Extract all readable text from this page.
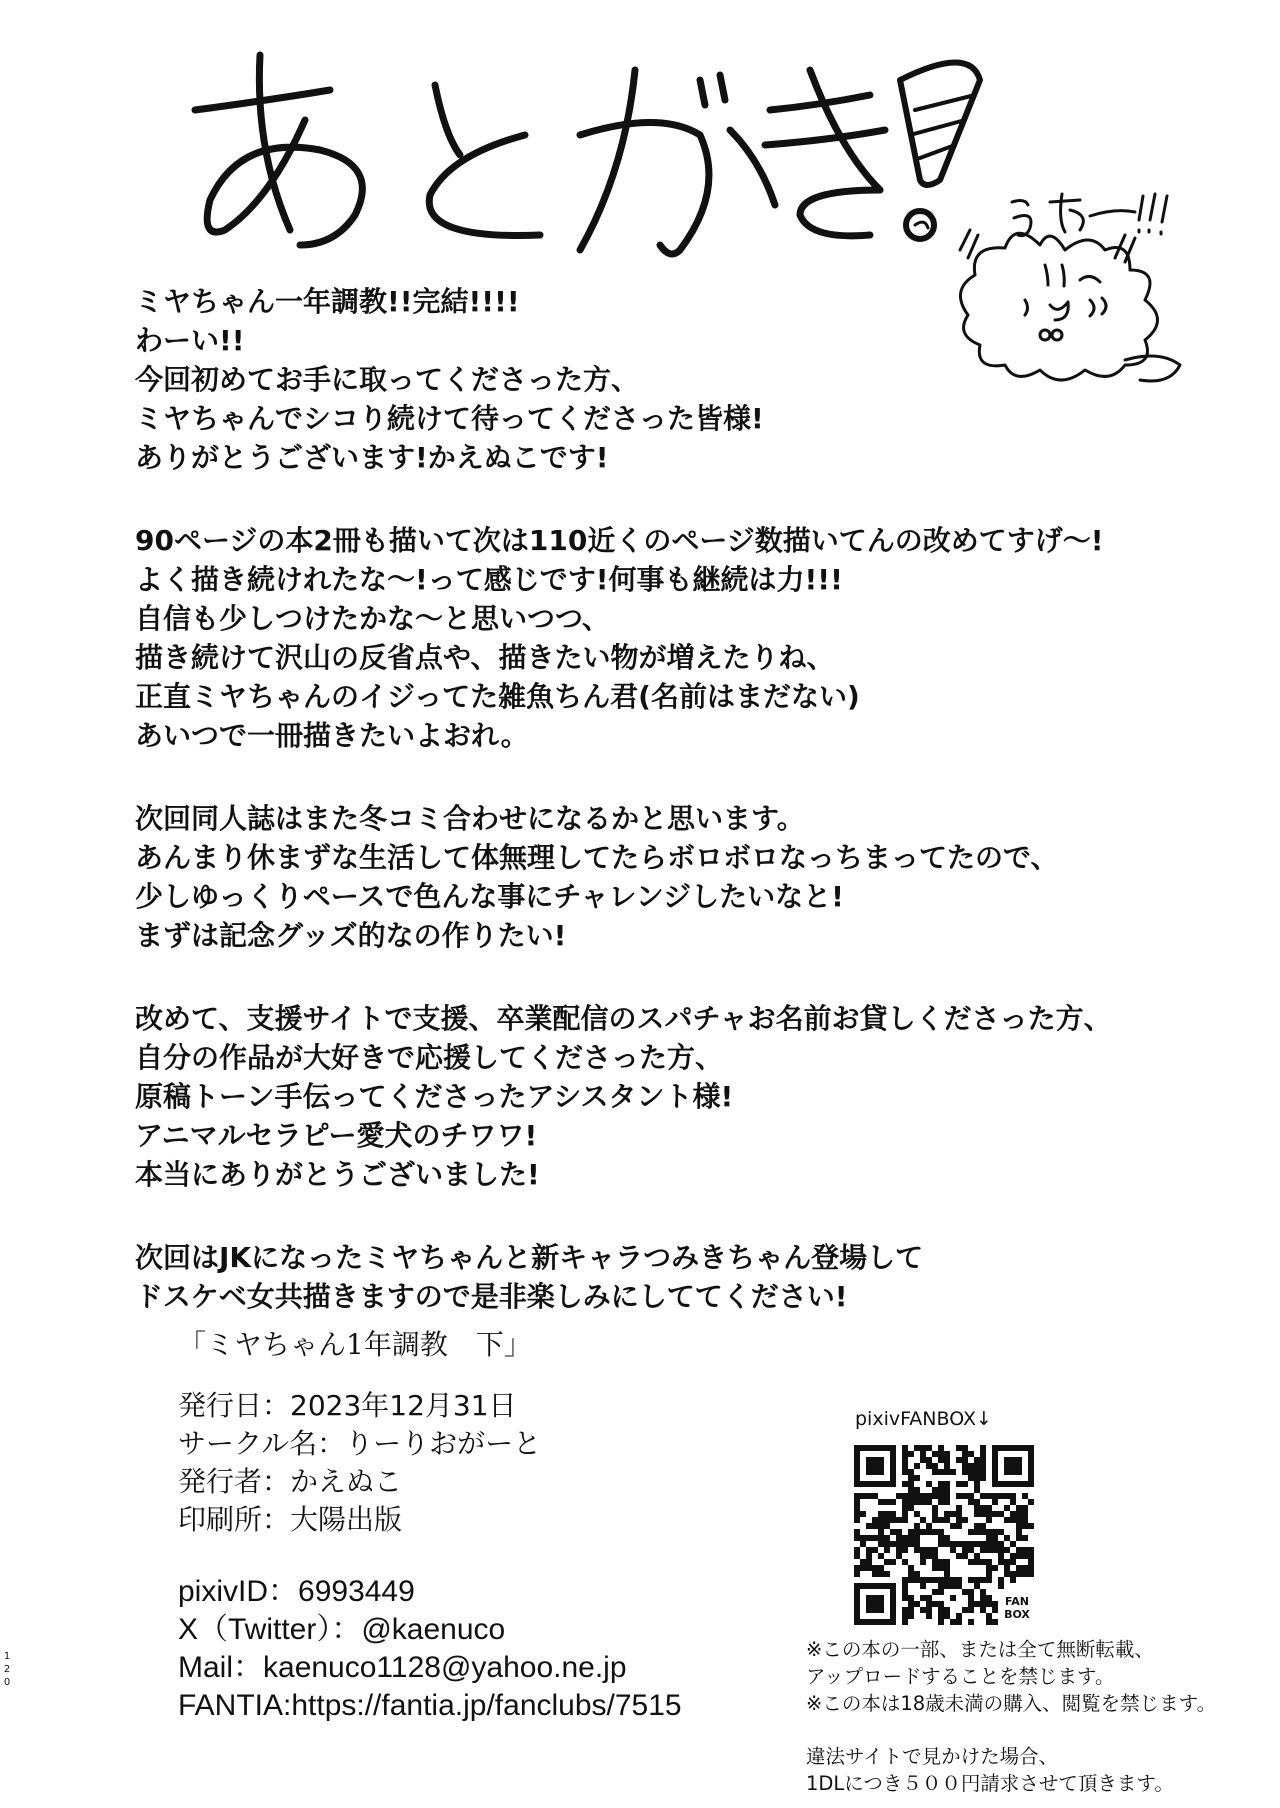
ミヤちゃん一年調教!!完結!!!!
わーい!!
今回初めてお手に取ってくださった方、
ミヤちゃんでシコり続けて待ってくださった皆様!
ありがとうございます!かえぬこです!
90ページの本2冊も描いて次は110近くのページ数描いてんの改めてすげ〜!
よく描き続けれたな〜!って感じです!何事も継続は力!!!
自信も少しつけたかな〜と思いつつ、
描き続けて沢山の反省点や、描きたい物が増えたりね、
正直ミヤちゃんのイジってた雑魚ちん君(名前はまだない)
あいつで一冊描きたいよおれ。
次回同人誌はまた冬コミ合わせになるかと思います。
あんまり休まずな生活して体無理してたらボロボロなっちまってたので、
少しゆっくりペースで色んな事にチャレンジしたいなと!
まずは記念グッズ的なの作りたい!
改めて、支援サイトで支援、卒業配信のスパチャお名前お貸しくださった方、
自分の作品が大好きで応援してくださった方、
原稿トーン手伝ってくださったアシスタント様!
アニマルセラピー愛犬のチワワ!
本当にありがとうございました!
次回はJKになったミヤちゃんと新キャラつみきちゃん登場して
ドスケベ女共描きますので是非楽しみにしててください!
「ミヤちゃん1年調教　下」
発行日：2023年12月31日
サークル名：りーりおがーと
発行者：かえぬこ
印刷所：大陽出版
pixivID：6993449
X（Twitter）：@kaenuco
Mail：kaenuco1128@yahoo.ne.jp
FANTIA:https://fantia.jp/fanclubs/7515
1
2
0
pixivFANBOX↓
FAN
BOX
※この本の一部、または全て無断転載、
アップロードすることを禁じます。
※この本は18歳未満の購入、閲覧を禁じます。
違法サイトで見かけた場合、
1DLにつき５００円請求させて頂きます。
